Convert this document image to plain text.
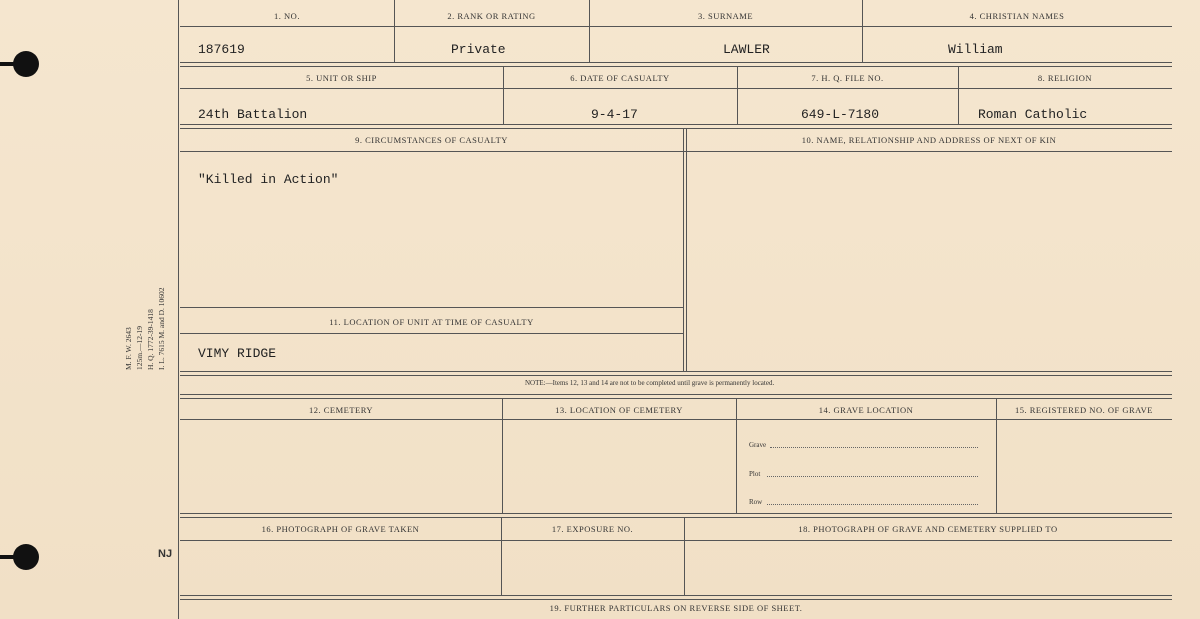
M. F. W. 2643 125m.—12-19 H. Q. 1772-39-1418 I. L. 7615 M. and D. 10602
NJ
1. NO.	2. RANK OR RATING	3. SURNAME	4. CHRISTIAN NAMES
187619	Private	LAWLER	William
5. UNIT OR SHIP	6. DATE OF CASUALTY	7. H. Q. FILE NO.	8. RELIGION
24th Battalion	9-4-17	649-L-7180	Roman Catholic
9. CIRCUMSTANCES OF CASUALTY	10. NAME, RELATIONSHIP AND ADDRESS OF NEXT OF KIN
"Killed in Action"
11. LOCATION OF UNIT AT TIME OF CASUALTY
VIMY RIDGE
NOTE:—Items 12, 13 and 14 are not to be completed until grave is permanently located.
12. CEMETERY	13. LOCATION OF CEMETERY	14. GRAVE LOCATION	15. REGISTERED NO. OF GRAVE
Grave
Plot
Row
16. PHOTOGRAPH OF GRAVE TAKEN	17. EXPOSURE NO.	18. PHOTOGRAPH OF GRAVE AND CEMETERY SUPPLIED TO
19. FURTHER PARTICULARS ON REVERSE SIDE OF SHEET.
